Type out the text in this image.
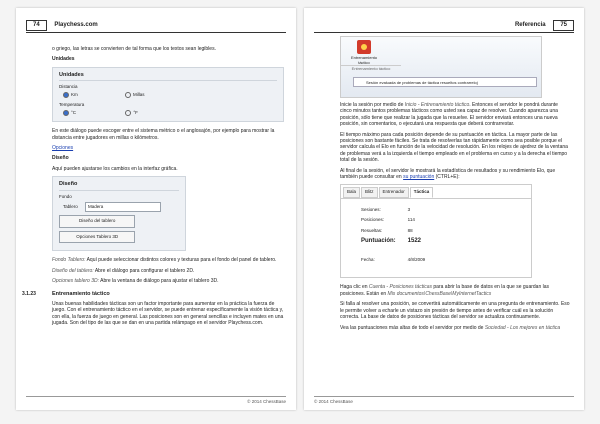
74 Playchess.com

o griego, las letras se convierten de tal forma que los textos sean legibles.

Unidades

Unidades
Distancia
Km	Millas
Temperatura
°C	°F

En este diálogo puede escoger entre el sistema métrico o el anglosajón, por ejemplo para mostrar la distancia entre jugadores en millas o kilómetros.

Opciones

Diseño

Aquí pueden ajustarse los cambios en la interfaz gráfica.

Diseño
Fondo
Tablero Madera
Diseño del tablero
Opciones Tablero 3D

Fondo Tablero: Aquí puede seleccionar distintos colores y texturas para el fondo del panel de tablero.

Diseño del tablero: Abre el diálogo para configurar el tablero 2D.

Opciones tablero 3D: Abre la ventana de diálogo para ajustar el tablero 3D.

3.1.23	Entrenamiento táctico

Unas buenas habilidades tácticas son un factor importante para aumentar en la práctica la fuerza de juego. Con el entrenamiento táctico en el servidor, se puede entrenar específicamente la visión táctica y, con ella, la fuerza de juego en general. Las posiciones son en general sencillas e incluyen mates en una jugada. Son del tipo de las que se dan en una partida relámpago en el servidor Playchess.com.

© 2014 ChessBase
Referencia 75
Entrenamiento táctico
Entrenamiento táctico
Sesión evaluada de problemas de táctica resueltos contrarreloj

Inicie la sesión por medio de Inicio - Entrenamiento táctico. Entonces el servidor le pondrá durante cinco minutos tantos problemas tácticos como usted sea capaz de resolver. Cuando aparezca una posición, sólo tiene que realizar la jugada que la resuelve. El servidor enviará entonces una nueva posición, sin comentarios, o ejecutará una respuesta que deberá contrarrestar.

El tiempo máximo para cada posición depende de su puntuación en táctica. La mayor parte de las posiciones son bastante fáciles. Se trata de resolverlas tan rápidamente como sea posible porque el servidor calcula el Elo en función de la velocidad de resolución. En los relojes de ajedrez de la ventana de problemas verá a la izquierda el tiempo empleado en el problema en curso y a la derecha el tiempo total de la sesión.

Al final de la sesión, el servidor le mostrará la estadística de resultados y su rendimiento Elo, que también puede consultar en su puntuación (CTRL+E):

Bala Blitz Entrenador Táctica
Sesiones:	3
Posiciones:	114
Resueltas:	88
Puntuación:	1522
Fecha:	4/8/2009

Haga clic en Cuenta - Posiciones tácticas para abrir la base de datos en la que se guardan las posiciones. Están en Mis documentos\ChessBase\MyInternetTactics

Si falla al resolver una posición, se convertirá automáticamente en una pregunta de entrenamiento. Eso le permite volver a echarle un vistazo sin presión de tiempo antes de verificar cuál es la solución correcta. La base de datos de posiciones tácticas del servidor se actualiza continuamente.

Vea las puntuaciones más altas de todo el servidor por medio de Sociedad - Los mejores en táctica

© 2014 ChessBase
